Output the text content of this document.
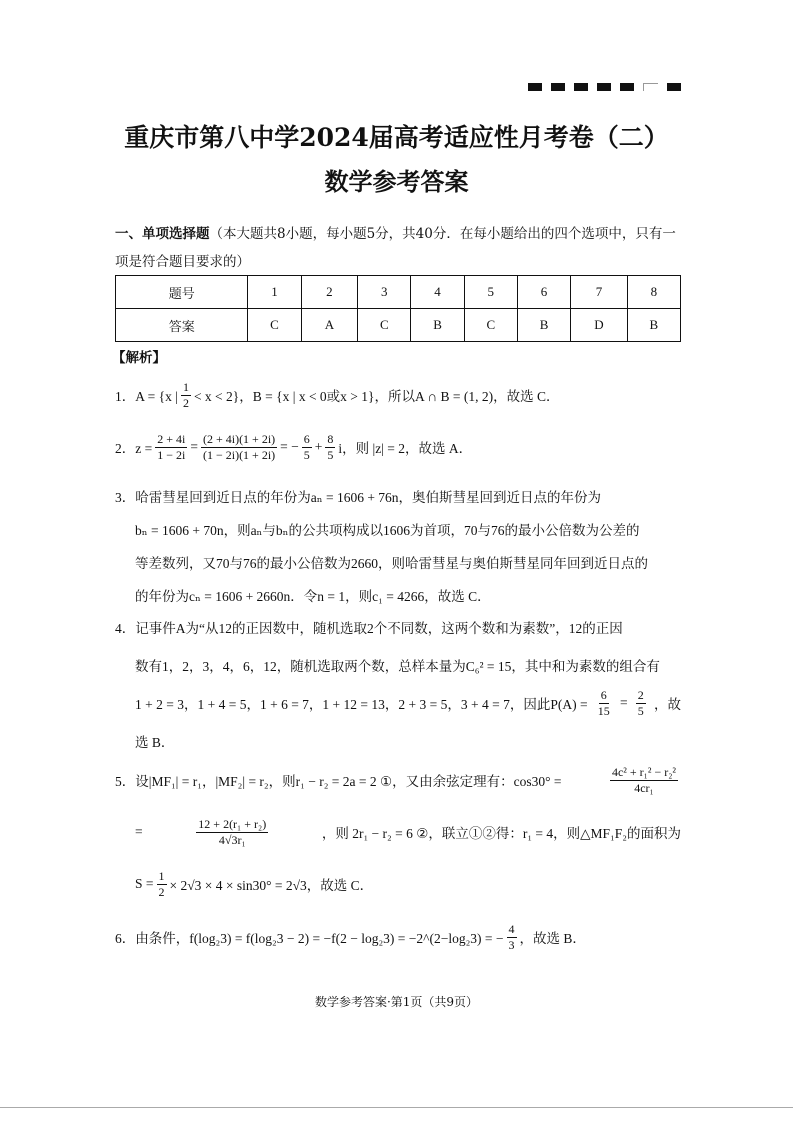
重庆市第八中学2024届高考适应性月考卷（二）
数学参考答案
一、单项选择题（本大题共8小题，每小题5分，共40分．在每小题给出的四个选项中，只有一项是符合题目要求的）
题号	1	2	3	4	5	6	7	8
答案	C	A	C	B	C	B	D	B
【解析】
1．A = {x | $\frac{1}{2} < x < 2$}，B = {x | x < 0或x > 1}，所以A ∩ B = (1, 2)，故选 C．
2．$z = \frac{2 + 4i}{1 - 2i} = \frac{(2 + 4i)(1 + 2i)}{(1 - 2i)(1 + 2i)}$ = − $\frac{6}{5} + \frac{8}{5}$ i，则 |z| = 2，故选 A．
3．哈雷彗星回到近日点的年份为aₙ = 1606 + 76n，奥伯斯彗星回到近日点的年份为
bₙ = 1606 + 70n，则aₙ与bₙ的公共项构成以1606为首项，70与76的最小公倍数为公差的
等差数列，又70与76的最小公倍数为2660，则哈雷彗星与奥伯斯彗星同年回到近日点的
的年份为cₙ = 1606 + 2660n．令n = 1，则c₁ = 4266，故选 C．
4．记事件A为“从12的正因数中，随机选取2个不同数，这两个数和为素数”，12的正因
数有1，2，3，4，6，12，随机选取两个数，总样本量为C₆² = 15，其中和为素数的组合有
1 + 2 = 3，1 + 4 = 5，1 + 6 = 7，1 + 12 = 13，2 + 3 = 5，3 + 4 = 7，因此$P(A) = \frac{6}{15} = \frac{2}{5}$ ，故
选 B．
5．设|MF₁| = r₁，|MF₂| = r₂，则r₁ − r₂ = 2a = 2 ①，又由余弦定理有：cos30° =	$\frac{\text{4c² + r₁² − r₂²}}{\text{4cr₁}}$
=	$\frac{\text{12 + 2(r₁ + r₂)}}{\text{4√3r₁}}$	，则 2r₁ − r₂ = 6 ②，联立①②得：r₁ = 4，则△MF₁F₂的面积为
$S = \frac{1}{2} \times 2√3 \times 4 \times \sin 30^\circ = 2√3$，故选 C．
6．由条件，f(log₂3) = f(log₂3 − 2) = −f(2 − log₂3) = −2^(2−log₂3) = − $\frac{4}{3}$ ，故选 B．
数学参考答案·第1页（共9页）
